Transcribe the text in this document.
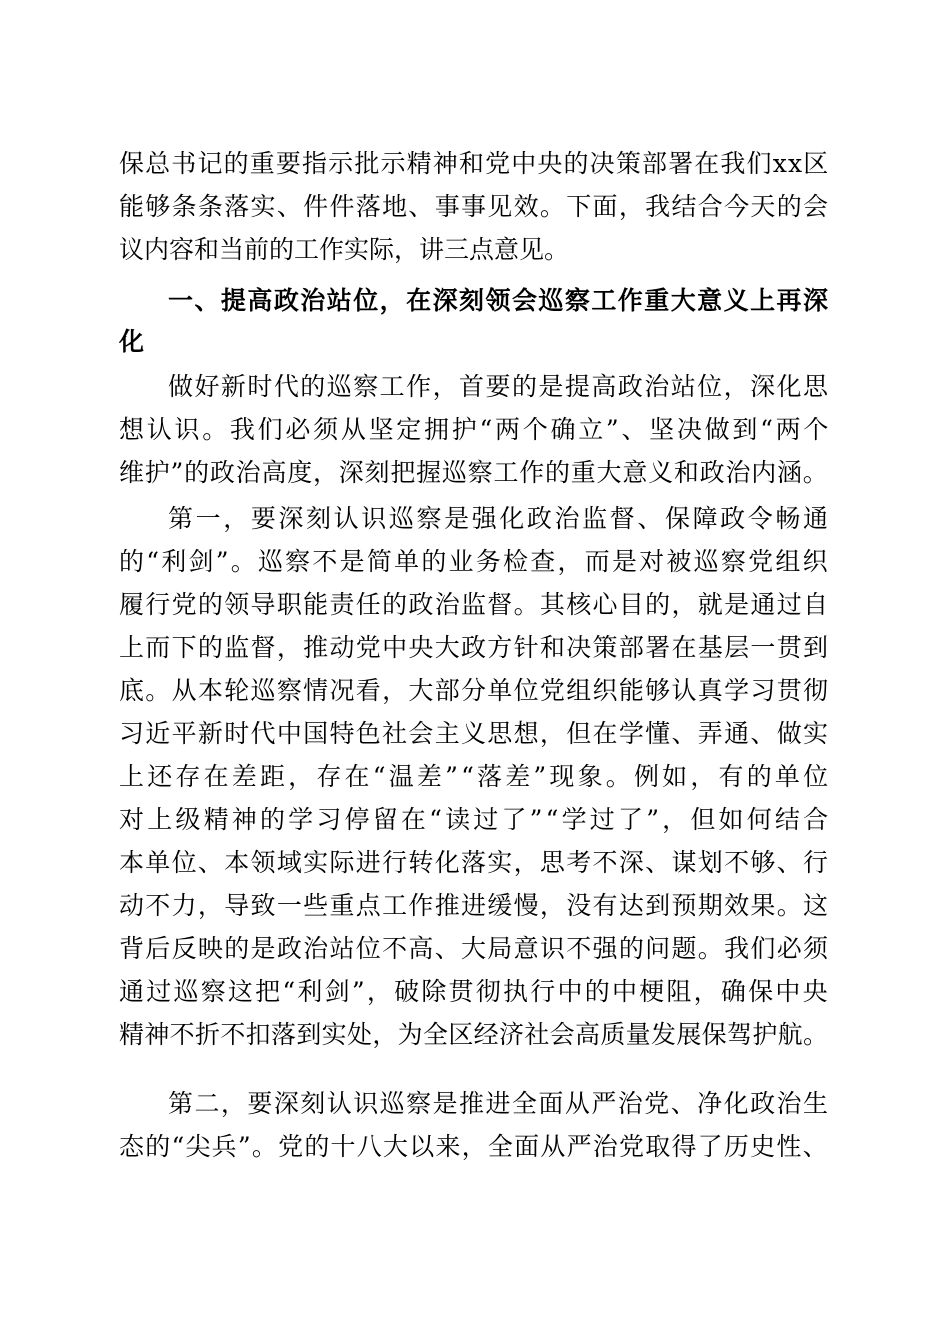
保总书记的重要指示批示精神和党中央的决策部署在我们xx区
能够条条落实、件件落地、事事见效。下面，我结合今天的会
议内容和当前的工作实际，讲三点意见。
一、提高政治站位，在深刻领会巡察工作重大意义上再深
化
做好新时代的巡察工作，首要的是提高政治站位，深化思
想认识。我们必须从坚定拥护“两个确立”、坚决做到“两个
维护”的政治高度，深刻把握巡察工作的重大意义和政治内涵。
第一，要深刻认识巡察是强化政治监督、保障政令畅通
的“利剑”。巡察不是简单的业务检查，而是对被巡察党组织
履行党的领导职能责任的政治监督。其核心目的，就是通过自
上而下的监督，推动党中央大政方针和决策部署在基层一贯到
底。从本轮巡察情况看，大部分单位党组织能够认真学习贯彻
习近平新时代中国特色社会主义思想，但在学懂、弄通、做实
上还存在差距，存在“温差”“落差”现象。例如，有的单位
对上级精神的学习停留在“读过了”“学过了”，但如何结合
本单位、本领域实际进行转化落实，思考不深、谋划不够、行
动不力，导致一些重点工作推进缓慢，没有达到预期效果。这
背后反映的是政治站位不高、大局意识不强的问题。我们必须
通过巡察这把“利剑”，破除贯彻执行中的中梗阻，确保中央
精神不折不扣落到实处，为全区经济社会高质量发展保驾护航。
第二，要深刻认识巡察是推进全面从严治党、净化政治生
态的“尖兵”。党的十八大以来，全面从严治党取得了历史性、
